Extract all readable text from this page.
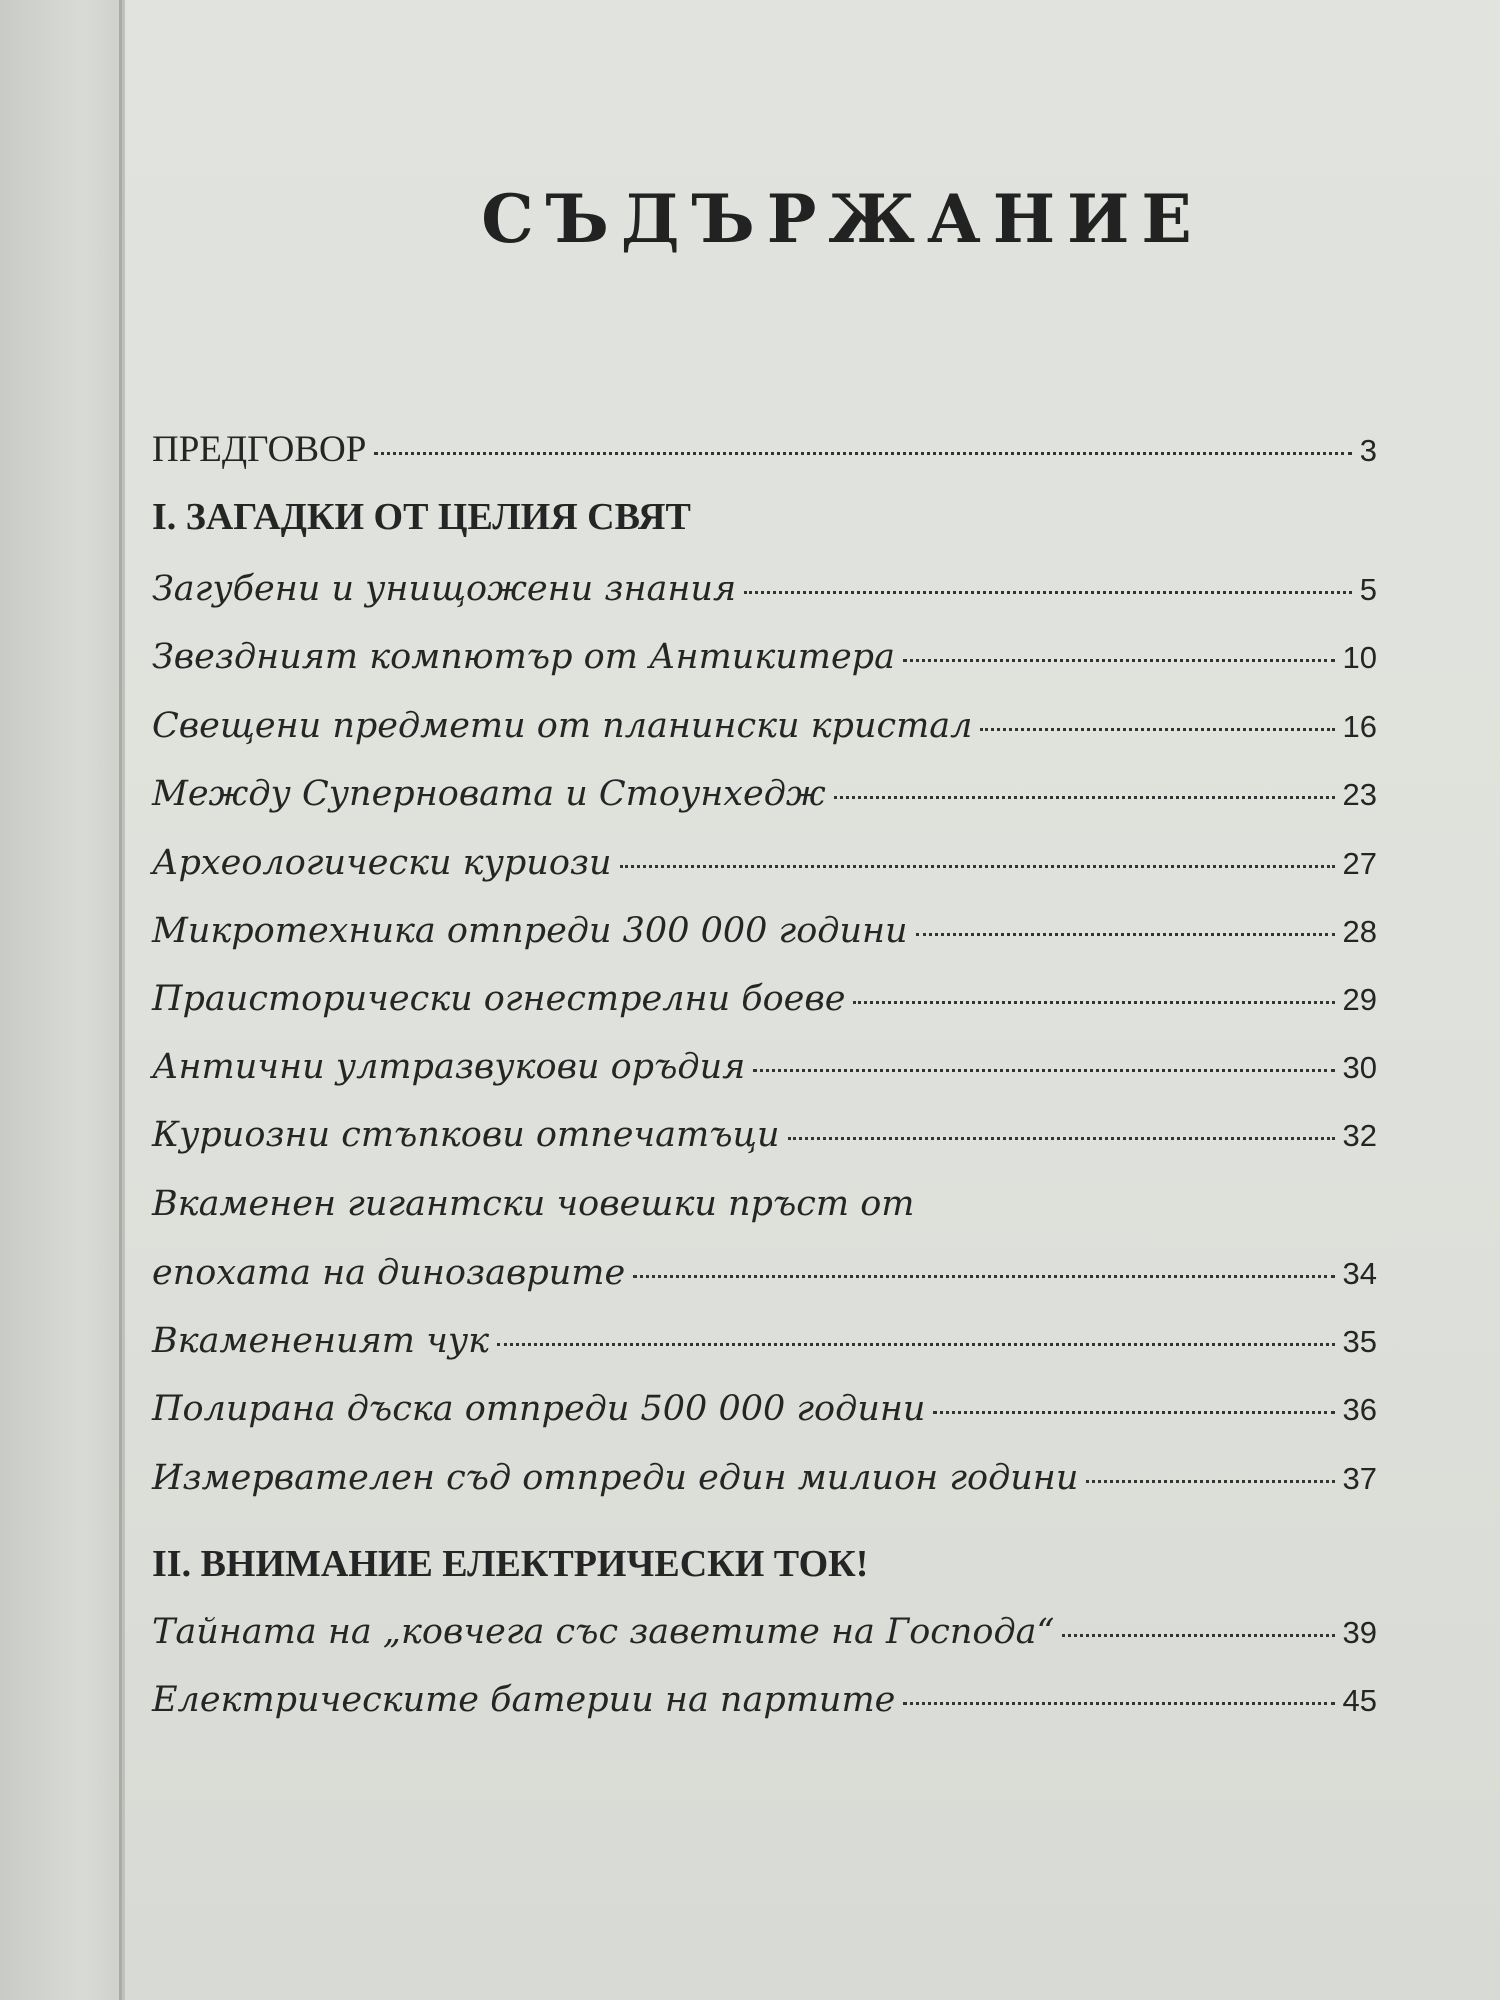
СЪДЪРЖАНИЕ
ПРЕДГОВОР	3
I. ЗАГАДКИ ОТ ЦЕЛИЯ СВЯТ
Загубени и унищожени знания	5
Звездният компютър от Антикитера	10
Свещени предмети от планински кристал	16
Между Суперновата и Стоунхедж	23
Археологически куриози	27
Микротехника отпреди 300 000 години	28
Праисторически огнестрелни боеве	29
Антични ултразвукови оръдия	30
Куриозни стъпкови отпечатъци	32
Вкаменен гигантски човешки пръст от
епохата на динозаврите	34
Вкамененият чук	35
Полирана дъска отпреди 500 000 години	36
Измервателен съд отпреди един милион години	37
II. ВНИМАНИЕ ЕЛЕКТРИЧЕСКИ ТОК!
Тайната на „ковчега със заветите на Господа“	39
Електрическите батерии на партите	45
